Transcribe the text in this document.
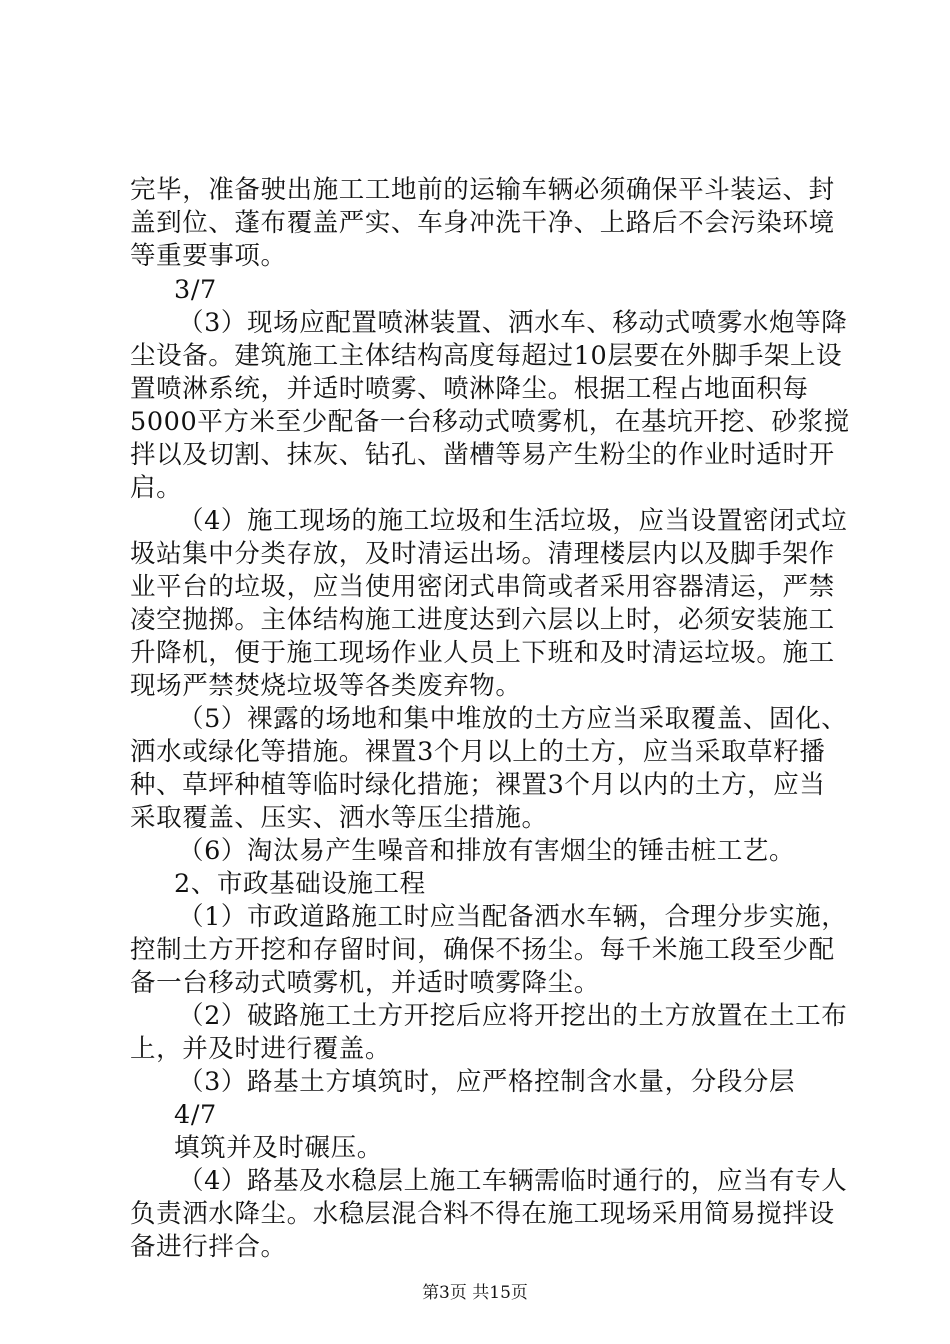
完毕，准备驶出施工工地前的运输车辆必须确保平斗装运、封
盖到位、蓬布覆盖严实、车身冲洗干净、上路后不会污染环境
等重要事项。
3/7
（3）现场应配置喷淋装置、洒水车、移动式喷雾水炮等降
尘设备。建筑施工主体结构高度每超过10层要在外脚手架上设
置喷淋系统，并适时喷雾、喷淋降尘。根据工程占地面积每
5000平方米至少配备一台移动式喷雾机，在基坑开挖、砂浆搅
拌以及切割、抹灰、钻孔、凿槽等易产生粉尘的作业时适时开
启。
（4）施工现场的施工垃圾和生活垃圾，应当设置密闭式垃
圾站集中分类存放，及时清运出场。清理楼层内以及脚手架作
业平台的垃圾，应当使用密闭式串筒或者采用容器清运，严禁
凌空抛掷。主体结构施工进度达到六层以上时，必须安装施工
升降机，便于施工现场作业人员上下班和及时清运垃圾。施工
现场严禁焚烧垃圾等各类废弃物。
（5）裸露的场地和集中堆放的土方应当采取覆盖、固化、
洒水或绿化等措施。裸置3个月以上的土方，应当采取草籽播
种、草坪种植等临时绿化措施；裸置3个月以内的土方，应当
采取覆盖、压实、洒水等压尘措施。
（6）淘汰易产生噪音和排放有害烟尘的锤击桩工艺。
2、市政基础设施工程
（1）市政道路施工时应当配备洒水车辆，合理分步实施，
控制土方开挖和存留时间，确保不扬尘。每千米施工段至少配
备一台移动式喷雾机，并适时喷雾降尘。
（2）破路施工土方开挖后应将开挖出的土方放置在土工布
上，并及时进行覆盖。
（3）路基土方填筑时，应严格控制含水量，分段分层
4/7
填筑并及时碾压。
（4）路基及水稳层上施工车辆需临时通行的，应当有专人
负责洒水降尘。水稳层混合料不得在施工现场采用简易搅拌设
备进行拌合。
第3页 共15页
